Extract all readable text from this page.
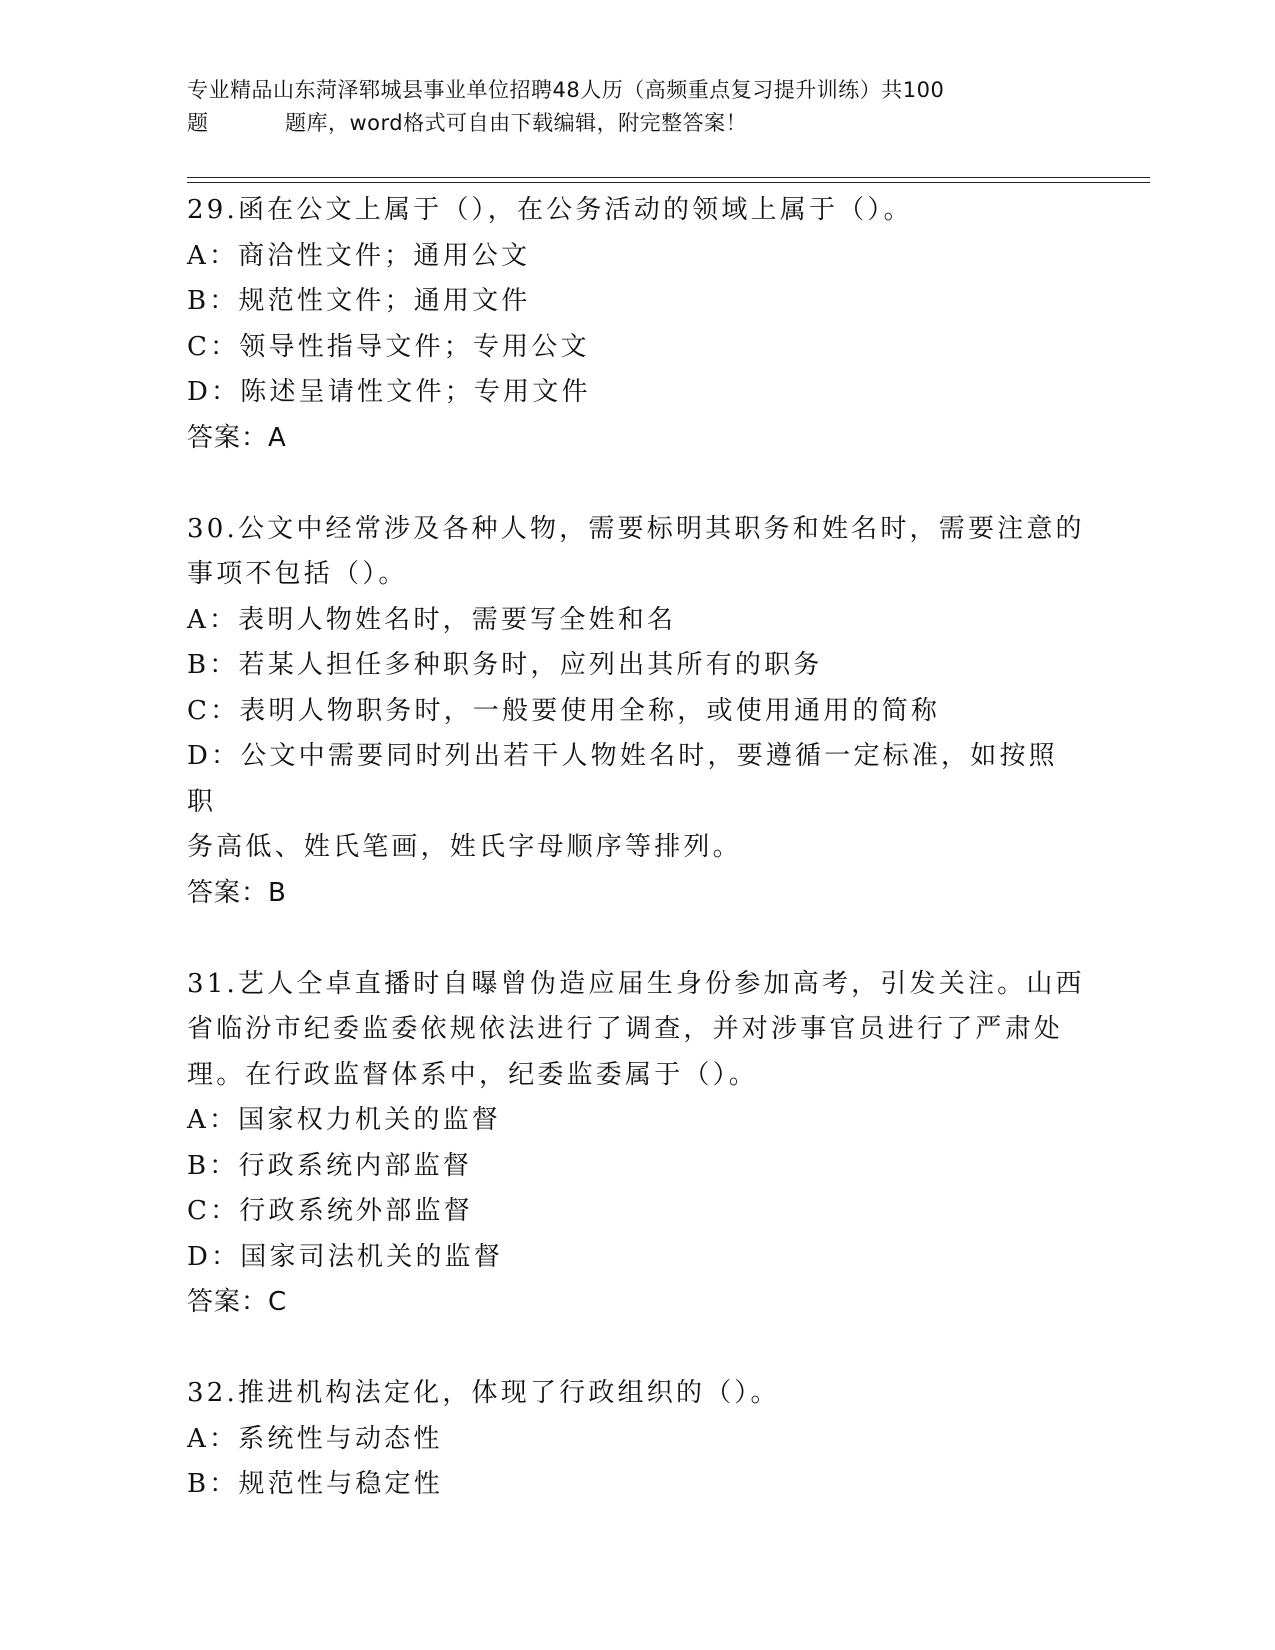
专业精品山东菏泽郓城县事业单位招聘48人历（高频重点复习提升训练）共100
题	题库，word格式可自由下载编辑，附完整答案！

29.函在公文上属于（），在公务活动的领域上属于（）。

A：商洽性文件；通用公文

B：规范性文件；通用文件

C：领导性指导文件；专用公文

D：陈述呈请性文件；专用文件

答案：A

30.公文中经常涉及各种人物，需要标明其职务和姓名时，需要注意的

事项不包括（）。

A：表明人物姓名时，需要写全姓和名

B：若某人担任多种职务时，应列出其所有的职务

C：表明人物职务时，一般要使用全称，或使用通用的简称

D：公文中需要同时列出若干人物姓名时，要遵循一定标准，如按照职

务高低、姓氏笔画，姓氏字母顺序等排列。

答案：B

31.艺人仝卓直播时自曝曾伪造应届生身份参加高考，引发关注。山西

省临汾市纪委监委依规依法进行了调查，并对涉事官员进行了严肃处

理。在行政监督体系中，纪委监委属于（）。

A：国家权力机关的监督

B：行政系统内部监督

C：行政系统外部监督

D：国家司法机关的监督

答案：C

32.推进机构法定化，体现了行政组织的（）。

A：系统性与动态性

B：规范性与稳定性
